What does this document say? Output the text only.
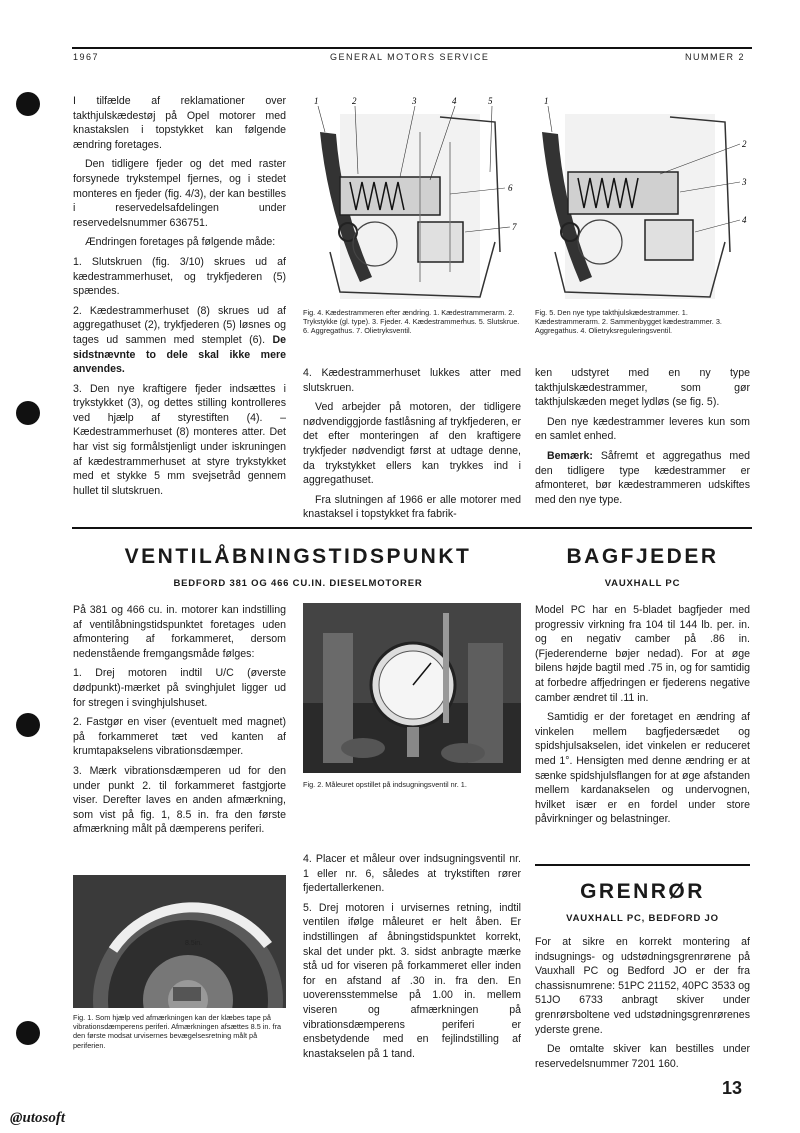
1967	GENERAL MOTORS SERVICE	NUMMER 2

I tilfælde af reklamationer over takthjulskædestøj på Opel motorer med knastakslen i topstykket kan følgende ændring foretages.

Den tidligere fjeder og det med raster forsynede trykstempel fjernes, og i stedet monteres en fjeder (fig. 4/3), der kan bestilles i reservedelsafdelingen under reservedelsnummer 636751.

Ændringen foretages på følgende måde:

1. Slutskruen (fig. 3/10) skrues ud af kædestrammerhuset, og trykfjederen (5) spændes.

2. Kædestrammerhuset (8) skrues ud af aggregathuset (2), trykfjederen (5) løsnes og tages ud sammen med stemplet (6). De sidstnævnte to dele skal ikke mere anvendes.

3. Den nye kraftigere fjeder indsættes i trykstykket (3), og dettes stilling kontrolleres ved hjælp af styrestiften (4). – Kædestrammerhuset (8) monteres atter. Det har vist sig formålstjenligt under iskruningen af kædestrammerhuset at styre trykstykket med et stykke 5 mm svejsetråd gennem hullet til slutskruen.

1	2	3	4	5
6
7
Fig. 4. Kædestrammeren efter ændring. 1. Kædestrammerarm. 2. Trykstykke (gl. type). 3. Fjeder. 4. Kædestrammerhus. 5. Slutskrue. 6. Aggregathus. 7. Olietryksventil.
1
2
3
4
Fig. 5. Den nye type takthjulskædestrammer. 1. Kædestrammerarm. 2. Sammenbygget kædestrammer. 3. Aggregathus. 4. Olietryksreguleringsventil.

4. Kædestrammerhuset lukkes atter med slutskruen.

Ved arbejder på motoren, der tidligere nødvendiggjorde fastlåsning af trykfjederen, er det efter monteringen af den kraftigere trykfjeder nødvendigt først at udtage denne, da trykstykket ellers kan trykkes ind i aggregathuset.

Fra slutningen af 1966 er alle motorer med knastaksel i topstykket fra fabrik-

ken udstyret med en ny type takthjulskædestrammer, som gør takthjulskæden meget lydløs (se fig. 5).

Den nye kædestrammer leveres kun som en samlet enhed.

Bemærk: Såfremt et aggregathus med den tidligere type kædestrammer er afmonteret, bør kædestrammeren udskiftes med den nye type.

VENTILÅBNINGSTIDSPUNKT
BEDFORD 381 OG 466 CU.IN. DIESELMOTORER

På 381 og 466 cu. in. motorer kan indstilling af ventilåbningstidspunktet foretages uden afmontering af forkammeret, dersom nedenstående fremgangsmåde følges:

1. Drej motoren indtil U/C (øverste dødpunkt)-mærket på svinghjulet ligger ud for stregen i svinghjulshuset.

2. Fastgør en viser (eventuelt med magnet) på forkammeret tæt ved kanten af krumtapakselens vibrationsdæmper.

3. Mærk vibrationsdæmperen ud for den under punkt 2. til forkammeret fastgjorte viser. Derefter laves en anden afmærkning, som vist på fig. 1, 8.5 in. fra den første afmærkning målt på dæmperens periferi.

8.5in.
Fig. 1. Som hjælp ved afmærkningen kan der klæbes tape på vibrationsdæmperens periferi. Afmærkningen afsættes 8.5 in. fra den første modsat urvisernes bevægelsesretning målt på periferien.
Fig. 2. Måleuret opstillet på indsugningsventil nr. 1.

4. Placer et måleur over indsugningsventil nr. 1 eller nr. 6, således at trykstiften rører fjedertallerkenen.

5. Drej motoren i urvisernes retning, indtil ventilen ifølge måleuret er helt åben. Er indstillingen af åbningstidspunktet korrekt, skal det under pkt. 3. sidst anbragte mærke stå ud for viseren på forkammeret eller inden for en afstand af .30 in. fra den. En uoverensstemmelse på 1.00 in. mellem viseren og afmærkningen på vibrationsdæmperens periferi er ensbetydende med en fejlindstilling af knastakselen på 1 tand.

BAGFJEDER
VAUXHALL PC

Model PC har en 5-bladet bagfjeder med progressiv virkning fra 104 til 144 lb. per. in. og en negativ camber på .86 in. (Fjederenderne bøjer nedad). For at øge bilens højde bagtil med .75 in, og for samtidig at forbedre affjedringen er fjederens negative camber ændret til .11 in.

Samtidig er der foretaget en ændring af vinkelen mellem bagfjedersædet og spidshjulsakselen, idet vinkelen er reduceret med 1°. Hensigten med denne ændring er at sænke spidshjulsflangen for at øge afstanden mellem kardanakselen og undervognen, hvilket især er en fordel under store påvirkninger og belastninger.

GRENRØR
VAUXHALL PC, BEDFORD JO

For at sikre en korrekt montering af indsugnings- og udstødningsgrenrørene på Vauxhall PC og Bedford JO er der fra chassisnumrene: 51PC 21152, 40PC 3533 og 51JO 6733 anbragt skiver under grenrørsboltene ved udstødningsgrenrørenes yderste grene.

De omtalte skiver kan bestilles under reservedelsnummer 7201 160.

13
@utosoft
